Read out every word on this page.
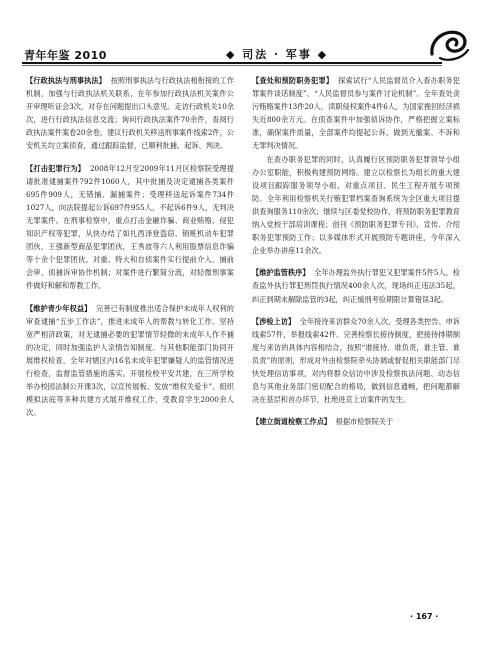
青年年鉴 2010	◆ 司法 · 军事 ◆

【行政执法与刑事执法】 按照刑事执法与行政执法相衔接的工作机制，加强与行政执法机关联系，在年参加行政执法机关案件公开审理听证会3次，对存在问题提出口头意见。走访行政机关10余次，进行行政执法信息交流；询问行政执法案件70余件，查阅行政执法案件案卷20余卷。建议行政机关移送刑事案件线索2件，公安机关均立案侦查，通过跟踪监督，已顺利批捕、起诉、判决。

【打击犯罪行为】 2008年12月至2009年11月区检察院受理提请批准逮捕案件792件1060人，其中批捕及决定逮捕各类案件695件909人，无错捕、漏捕案件；受理移送起诉案件734件1027人，向法院提起公诉697件955人，不起诉6件9人，无判决无罪案件。在刑事检察中，重点打击金融诈骗、商业贿赂、侵犯知识产权等犯罪，从快办结了如扎西泽登盗窃、销赃机动车犯罪团伙，王强新型商品犯罪团伙，王秀波等六人利用股票信息诈骗等十余个犯罪团伙。对重、特大和自侦案件实行提前介入、捕前会审、侦捕诉审协作机制；对案件进行繁简分流，对轻微刑事案件做好和解和帮教工作。

【维护青少年权益】 完善已有制度推出适合保护未成年人权利的审查逮捕“五步工作法”，推进未成年人的帮教与转化工作。坚持宽严相济政策，对无逮捕必要的犯罪情节轻微的未成年人作不捕的决定，同时加强监护人亲情告知制度。与其他职能部门协同开展维权检查，全年对辖区内16名未成年犯罪嫌疑人的监管情况进行检查，监督监管措施的落实。开展检校平安共建，在三所学校举办校园法制公开课3次，以宣传展板、发放“维权关爱卡”、组织模拟法庭等多种共建方式展开维权工作，受教育学生2000余人次。

【查处和预防职务犯罪】 探索试行“人民监督员介入查办职务犯罪案件谈话制度”、“人民监督员参与案件讨论机制”。全年查处贪污贿赂案件13件20人，渎职侵权案件4件6人，为国家挽回经济损失近800余万元。在侦查案件中加强侦诉协作，严格把握立案标准，确保案件质量，全部案件均提起公诉，做到无撤案、不诉和无罪判决情况。

在查办职务犯罪的同时，认真履行区预防职务犯罪领导小组办公室职能，积极构建预防网络。建立以检察长为组长的重大建设项目跟踪服务领导小组，对重点项目、民生工程开展专项预防。全年利用检察机关行贿犯罪档案查询系统为全区重大项目提供查询服务110余次；继续与区委党校协作，将预防职务犯罪教育纳入党校干部培训课程；创刊《预防职务犯罪专刊》，宣传、介绍职务犯罪预防工作；以多媒体形式开展预防专题讲座，今年深入企业举办讲座11余次。

【维护监管秩序】 全年办理监外执行罪犯又犯罪案件5件5人，检查监外执行罪犯刑罚执行情况400余人次，现场纠正违法35起，纠正到期未解除监管的3起，纠正缓刑考验期限计算错误3起。

【涉检上访】 全年接待来访群众70余人次，受理各类控告、申诉线索57件，举报线索42件。完善检察长接待制度，把接待排期制度与来访的具体内容相结合，按照“谁接待、谁负责，谁主管、谁负责”的原则，形成对外由检察院牵头协调或督促相关职能部门尽快处理信访事项，对内将群众信访中涉及检察执法问题、动态信息与其他业务部门密切配合的格局，做到信息通畅，把问题都解决在基层和首办环节，杜绝进京上访案件的发生。

【建立街道检察工作点】 根据市检察院关于

· 167 ·
